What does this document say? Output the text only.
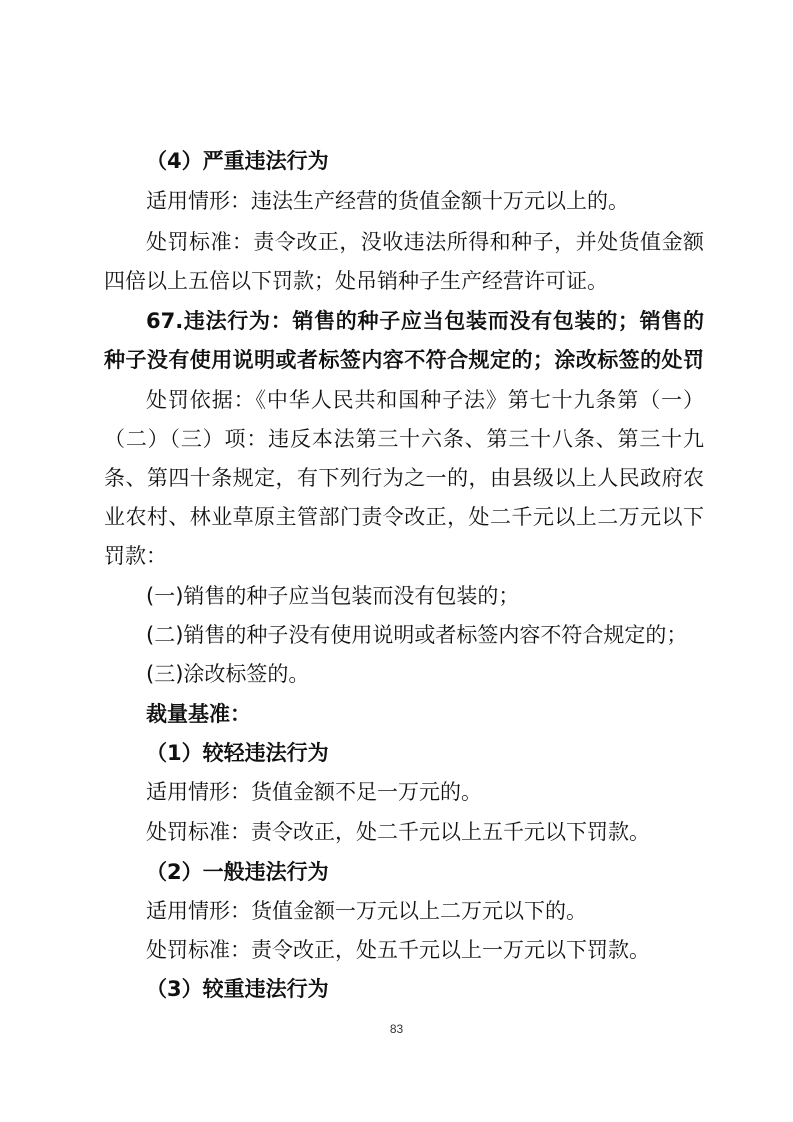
（4）严重违法行为
适用情形：违法生产经营的货值金额十万元以上的。
处罚标准：责令改正，没收违法所得和种子，并处货值金额
四倍以上五倍以下罚款；处吊销种子生产经营许可证。
67.违法行为：销售的种子应当包装而没有包装的；销售的
种子没有使用说明或者标签内容不符合规定的；涂改标签的处罚
处罚依据：《中华人民共和国种子法》第七十九条第（一）
（二）（三）项：违反本法第三十六条、第三十八条、第三十九
条、第四十条规定，有下列行为之一的，由县级以上人民政府农
业农村、林业草原主管部门责令改正，处二千元以上二万元以下
罚款：
(一)销售的种子应当包装而没有包装的；
(二)销售的种子没有使用说明或者标签内容不符合规定的；
(三)涂改标签的。
裁量基准：
（1）较轻违法行为
适用情形：货值金额不足一万元的。
处罚标准：责令改正，处二千元以上五千元以下罚款。
（2）一般违法行为
适用情形：货值金额一万元以上二万元以下的。
处罚标准：责令改正，处五千元以上一万元以下罚款。
（3）较重违法行为
83
